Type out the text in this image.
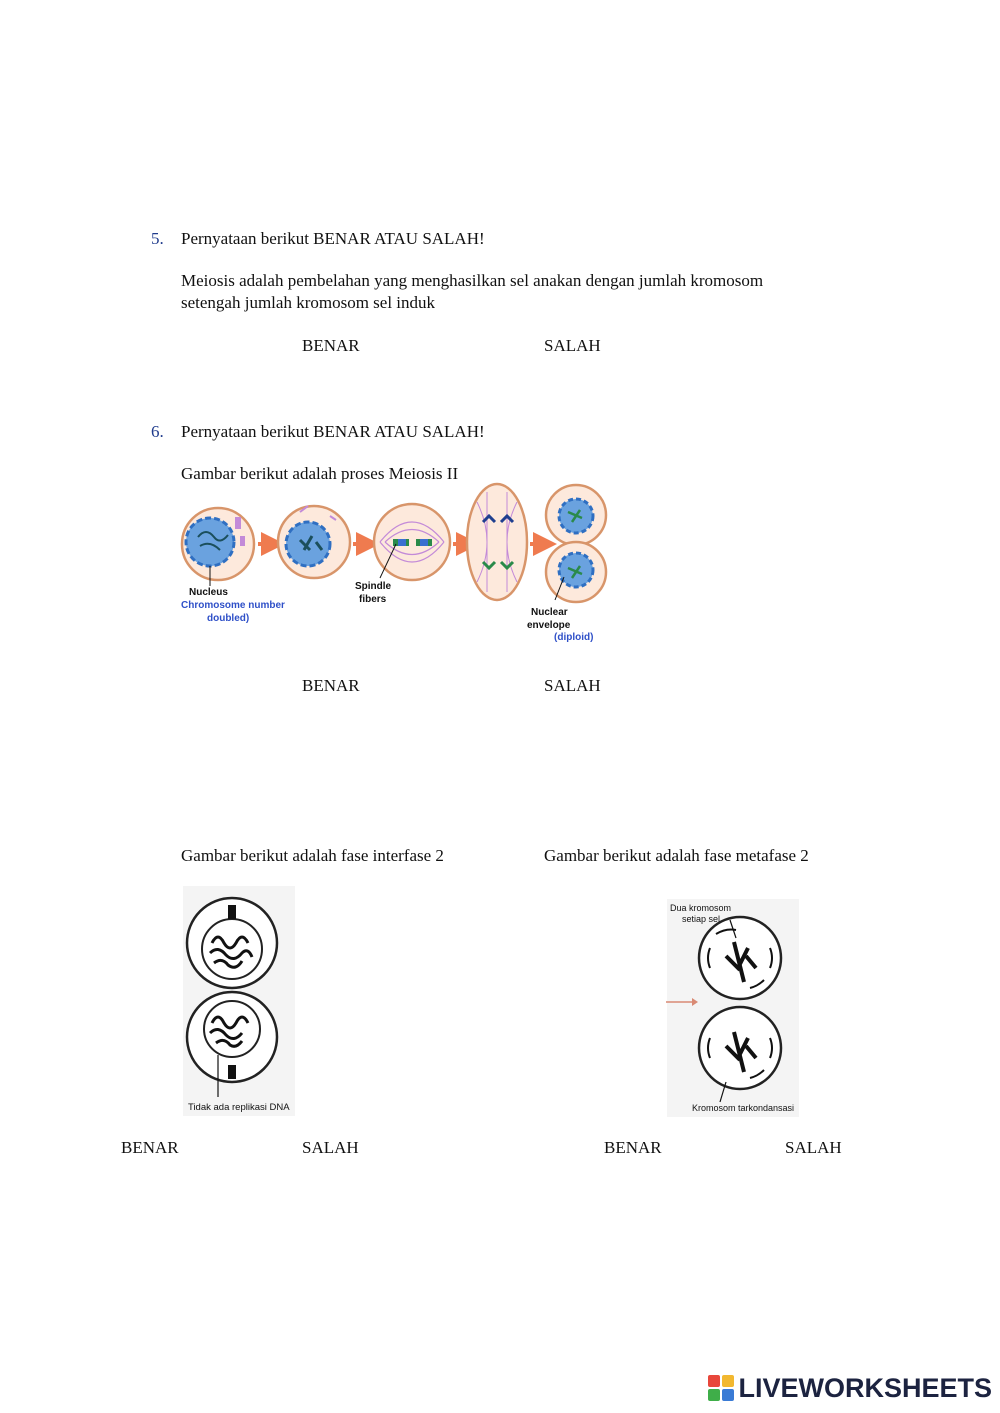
5. Pernyataan berikut BENAR ATAU SALAH!
Meiosis adalah pembelahan yang menghasilkan sel anakan dengan jumlah kromosom
setengah jumlah kromosom sel induk
BENAR	SALAH
6. Pernyataan berikut BENAR ATAU SALAH!
Gambar berikut adalah proses Meiosis II
Nucleus
Chromosome number
doubled)
Spindle
fibers
Nuclear
envelope
(diploid)
BENAR	SALAH
Gambar berikut adalah fase interfase 2
Tidak ada replikasi DNA
BENAR	SALAH
Gambar berikut adalah fase metafase 2
Dua kromosom
setiap sel
Kromosom tarkondansasi
BENAR	SALAH
LIVEWORKSHEETS
